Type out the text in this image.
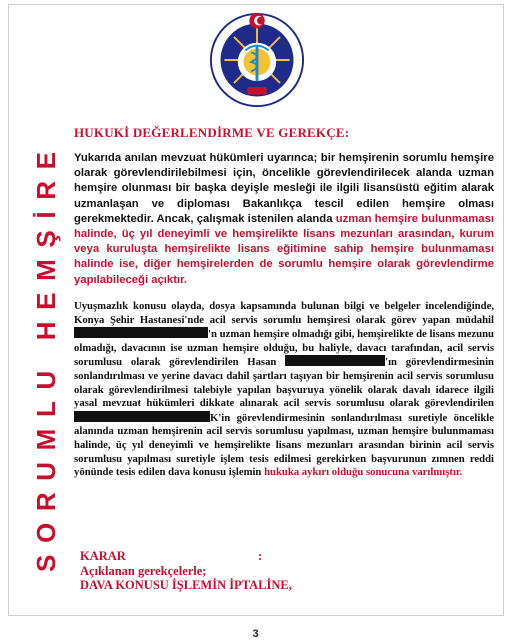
SORUMLU HEMŞİRE
HUKUKİ DEĞERLENDİRME VE GEREKÇE:
Yukarıda anılan mevzuat hükümleri uyarınca; bir hemşirenin sorumlu hemşire olarak görevlendirilebilmesi için, öncelikle görevlendirilecek alanda uzman hemşire olunması bir başka deyişle mesleği ile ilgili lisansüstü eğitim alarak uzmanlaşan ve diploması Bakanlıkça tescil edilen hemşire olması gerekmektedir. Ancak, çalışmak istenilen alanda uzman hemşire bulunmaması halinde, üç yıl deneyimli ve hemşirelikte lisans mezunları arasından, kurum veya kuruluşta hemşirelikte lisans eğitimine sahip hemşire bulunmaması halinde ise, diğer hemşirelerden de sorumlu hemşire olarak görevlendirme yapılabileceği açıktır.
Uyuşmazlık konusu olayda, dosya kapsamında bulunan bilgi ve belgeler incelendiğinde, Konya Şehir Hastanesi'nde acil servis sorumlu hemşiresi olarak görev yapan müdahil 'n uzman hemşire olmadığı gibi, hemşirelikte de lisans mezunu olmadığı, davacının ise uzman hemşire olduğu, bu haliyle, davacı tarafından, acil servis sorumlusu olarak görevlendirilen Hasan	'ın görevlendirmesinin sonlandırılması ve yerine davacı dahil şartları taşıyan bir hemşirenin acil servis sorumlusu olarak görevlendirilmesi talebiyle yapılan başvuruya yönelik olarak davalı idarece ilgili yasal mevzuat hükümleri dikkate alınarak acil servis sorumlusu olarak görevlendirilen K'in görevlendirmesinin sonlandırılması suretiyle öncelikle alanında uzman hemşirenin acil servis sorumlusu yapılması, uzman hemşire bulunmaması halinde, üç yıl deneyimli ve hemşirelikte lisans mezunları arasından birinin acil servis sorumlusu yapılması suretiyle işlem tesis edilmesi gerekirken başvurunun zımnen reddi yönünde tesis edilen dava konusu işlemin hukuka aykırı olduğu sonucuna varılmıştır.
KARAR	:
Açıklanan gerekçelerle;
DAVA KONUSU İŞLEMİN İPTALİNE,
3
